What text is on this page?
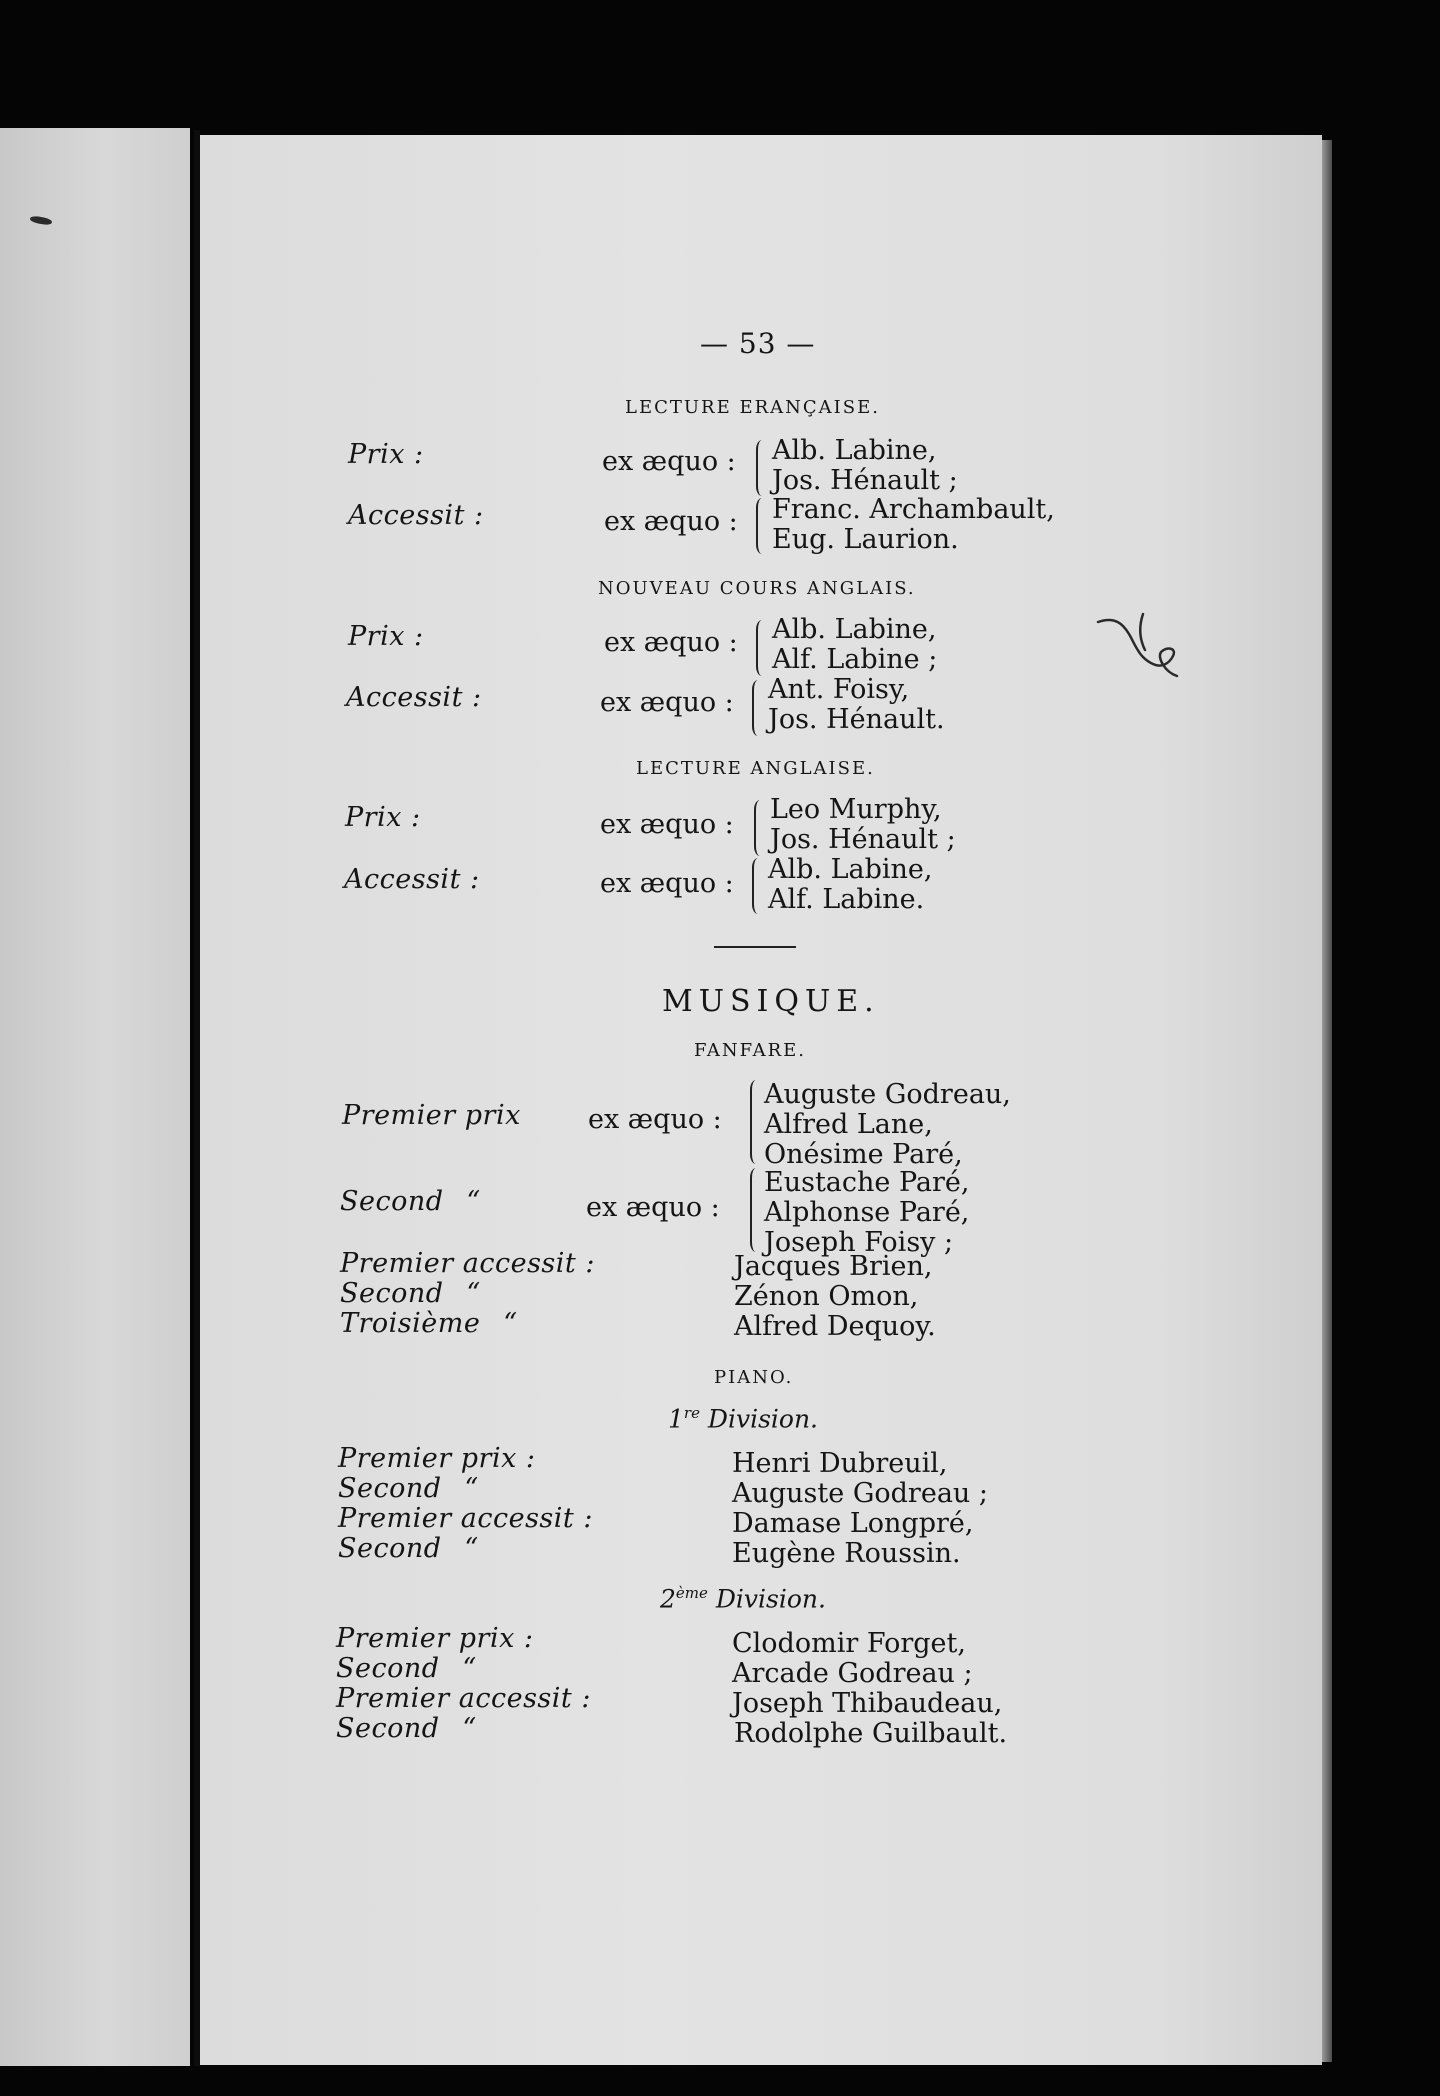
— 53 —
LECTURE ERANÇAISE.
Prix :	ex æquo : Alb. Labine,
Jos. Hénault ;
Accessit :	ex æquo : Franc. Archambault,
Eug. Laurion.
NOUVEAU COURS ANGLAIS.
Prix :	ex æquo : Alb. Labine,
Alf. Labine ;
Accessit :	ex æquo : Ant. Foisy,
Jos. Hénault.
LECTURE ANGLAISE.
Prix :	ex æquo : Leo Murphy,
Jos. Hénault ;
Accessit :	ex æquo : Alb. Labine,
Alf. Labine.
MUSIQUE.
FANFARE.
Premier prix ex æquo :
Auguste Godreau,
Alfred Lane,
Onésime Paré,
Second “	ex æquo :
Eustache Paré,
Alphonse Paré,
Joseph Foisy ;
Premier accessit :	Jacques Brien,
Second “	Zénon Omon,
Troisième “	Alfred Dequoy.
PIANO.
1re Division.
Premier prix :	Henri Dubreuil,
Second “	Auguste Godreau ;
Premier accessit :	Damase Longpré,
Second “	Eugène Roussin.
2ème Division.
Premier prix :	Clodomir Forget,
Second “	Arcade Godreau ;
Premier accessit :	Joseph Thibaudeau,
Second “	Rodolphe Guilbault.
